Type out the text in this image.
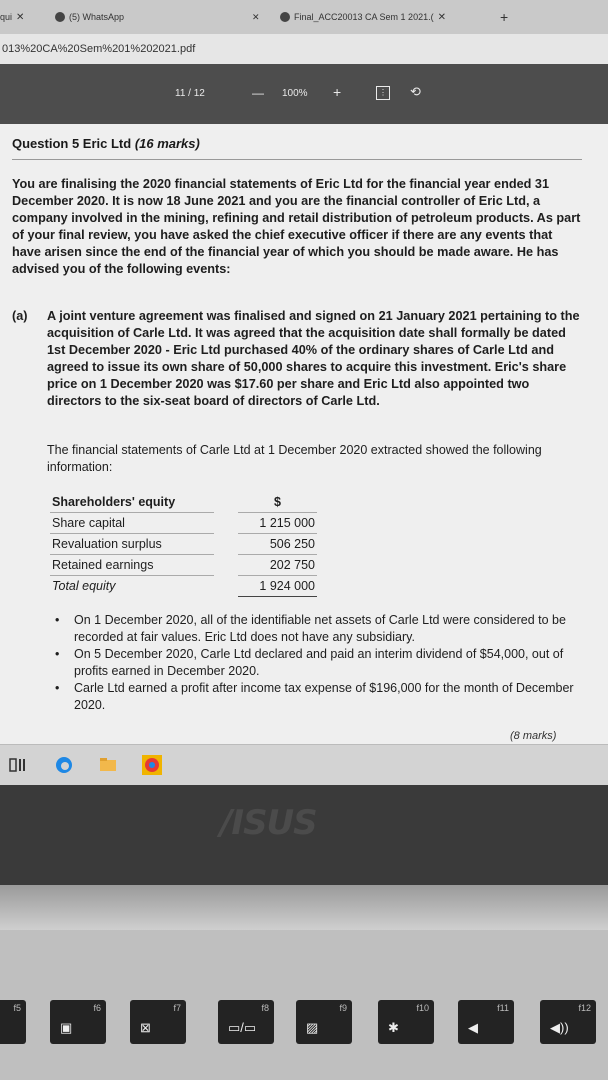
qui ✕	(5) WhatsApp	✕	Final_ACC20013 CA Sem 1 2021.( ✕	+
013%20CA%20Sem%201%202021.pdf
11 / 12	— 100% +	⋮ ⟲
Question 5 Eric Ltd (16 marks)
You are finalising the 2020 financial statements of Eric Ltd for the financial year ended 31 December 2020. It is now 18 June 2021 and you are the financial controller of Eric Ltd, a company involved in the mining, refining and retail distribution of petroleum products. As part of your final review, you have asked the chief executive officer if there are any events that have arisen since the end of the financial year of which you should be made aware. He has advised you of the following events:
(a) A joint venture agreement was finalised and signed on 21 January 2021 pertaining to the acquisition of Carle Ltd. It was agreed that the acquisition date shall formally be dated 1st December 2020 - Eric Ltd purchased 40% of the ordinary shares of Carle Ltd and agreed to issue its own share of 50,000 shares to acquire this investment. Eric's share price on 1 December 2020 was $17.60 per share and Eric Ltd also appointed two directors to the six-seat board of directors of Carle Ltd.
The financial statements of Carle Ltd at 1 December 2020 extracted showed the following information:
Shareholders' equity		$
Share capital		1 215 000
Revaluation surplus		506 250
Retained earnings		202 750
Total equity		1 924 000
• On 1 December 2020, all of the identifiable net assets of Carle Ltd were considered to be recorded at fair values. Eric Ltd does not have any subsidiary.
• On 5 December 2020, Carle Ltd declared and paid an interim dividend of $54,000, out of profits earned in December 2020.
• Carle Ltd earned a profit after income tax expense of $196,000 for the month of December 2020.
(8 marks)
/ISUS
f5	f6
▣
f7
⊠
f8
▭/▭
f9
▨
f10
✱
f11
◀
f12
◀))
